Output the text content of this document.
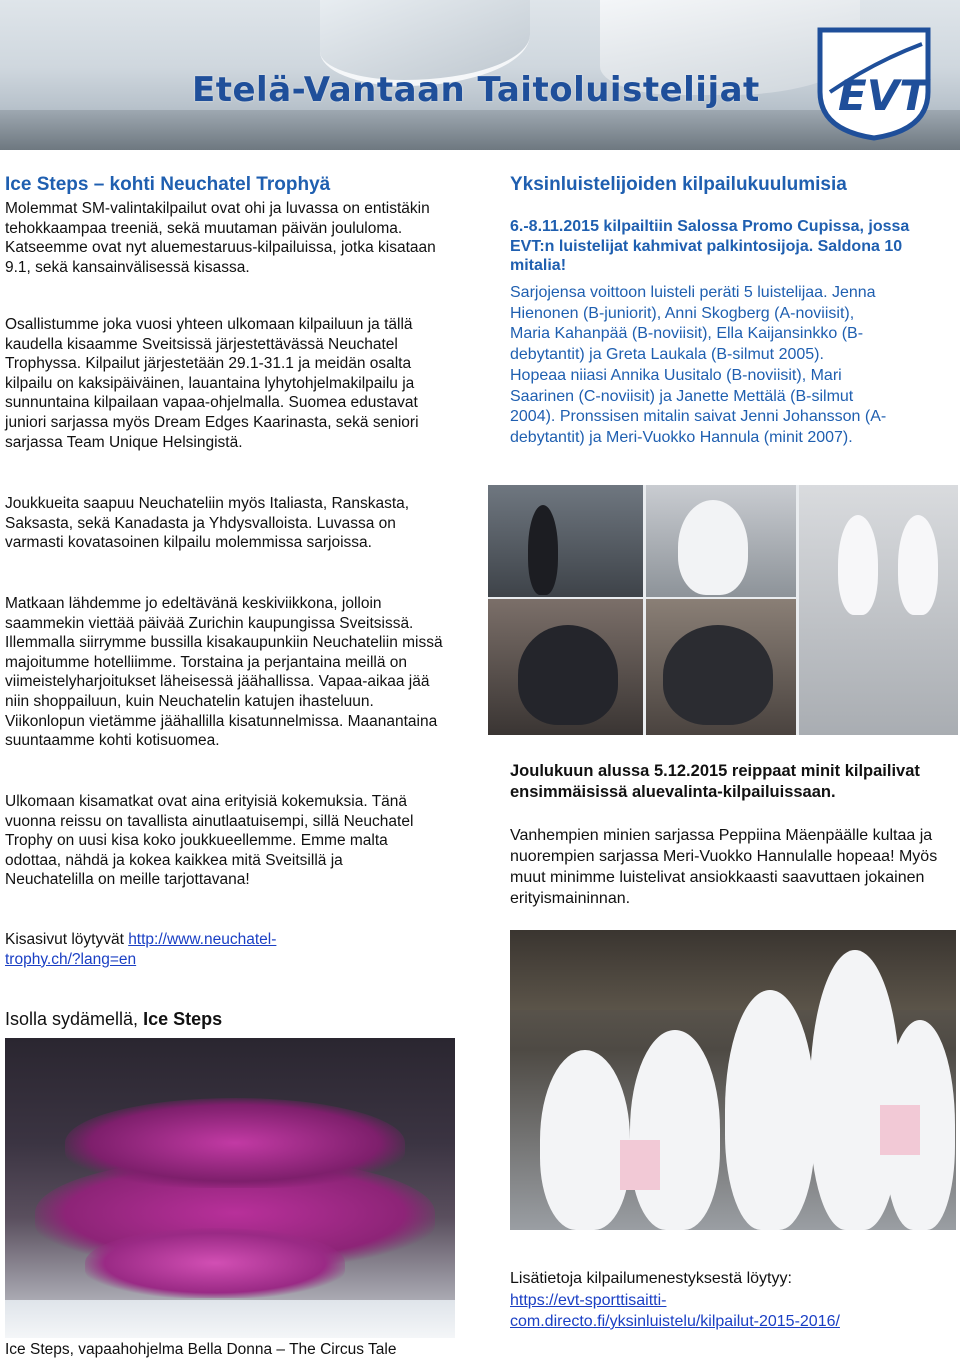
Etelä-Vantaan Taitoluistelijat EVT
Ice Steps – kohti Neuchatel Trophyä

Molemmat SM-valintakilpailut ovat ohi ja luvassa on entistäkin tehokkaampaa treeniä, sekä muutaman päivän joululoma. Katseemme ovat nyt aluemestaruus-kilpailuissa, jotka kisataan 9.1, sekä kansainvälisessä kisassa.

Osallistumme joka vuosi yhteen ulkomaan kilpailuun ja tällä kaudella kisaamme Sveitsissä järjestettävässä Neuchatel Trophyssa. Kilpailut järjestetään 29.1-31.1 ja meidän osalta kilpailu on kaksipäiväinen, lauantaina lyhytohjelmakilpailu ja sunnuntaina kilpailaan vapaa-ohjelmalla. Suomea edustavat juniori sarjassa myös Dream Edges Kaarinasta, sekä seniori sarjassa Team Unique Helsingistä.

Joukkueita saapuu Neuchateliin myös Italiasta, Ranskasta, Saksasta, sekä Kanadasta ja Yhdysvalloista. Luvassa on varmasti kovatasoinen kilpailu molemmissa sarjoissa.

Matkaan lähdemme jo edeltävänä keskiviikkona, jolloin saammekin viettää päivää Zurichin kaupungissa Sveitsissä. Illemmalla siirrymme bussilla kisakaupunkiin Neuchateliin missä majoitumme hotelliimme. Torstaina ja perjantaina meillä on viimeistelyharjoitukset läheisessä jäähallissa. Vapaa-aikaa jää niin shoppailuun, kuin Neuchatelin katujen ihasteluun. Viikonlopun vietämme jäähallilla kisatunnelmissa. Maanantaina suuntaamme kohti kotisuomea.

Ulkomaan kisamatkat ovat aina erityisiä kokemuksia. Tänä vuonna reissu on tavallista ainutlaatuisempi, sillä Neuchatel Trophy on uusi kisa koko joukkueellemme. Emme malta odottaa, nähdä ja kokea kaikkea mitä Sveitsillä ja Neuchatelilla on meille tarjottavana!

Kisasivut löytyvät http://www.neuchatel-
trophy.ch/?lang=en
Isolla sydämellä, Ice Steps
Ice Steps, vapaahohjelma Bella Donna – The Circus Tale
Yksinluistelijoiden kilpailukuulumisia
6.-8.11.2015 kilpailtiin Salossa Promo Cupissa, jossa EVT:n luistelijat kahmivat palkintosijoja. Saldona 10 mitalia!
Sarjojensa voittoon luisteli peräti 5 luistelijaa. Jenna
Hienonen (B-juniorit), Anni Skogberg (A-noviisit),
Maria Kahanpää (B-noviisit), Ella Kaijansinkko (B-
debytantit) ja Greta Laukala (B-silmut 2005).
Hopeaa niiasi Annika Uusitalo (B-noviisit), Mari
Saarinen (C-noviisit) ja Janette Mettälä (B-silmut
2004). Pronssisen mitalin saivat Jenni Johansson (A-
debytantit) ja Meri-Vuokko Hannula (minit 2007).
Joulukuun alussa 5.12.2015 reippaat minit kilpailivat ensimmäisissä aluevalinta-kilpailuissaan.
Vanhempien minien sarjassa Peppiina Mäenpäälle kultaa ja nuorempien sarjassa Meri-Vuokko Hannulalle hopeaa! Myös muut minimme luistelivat ansiokkaasti saavuttaen jokainen erityismaininnan.
Lisätietoja kilpailumenestyksestä löytyy:
https://evt-sporttisaitti-
com.directo.fi/yksinluistelu/kilpailut-2015-2016/
